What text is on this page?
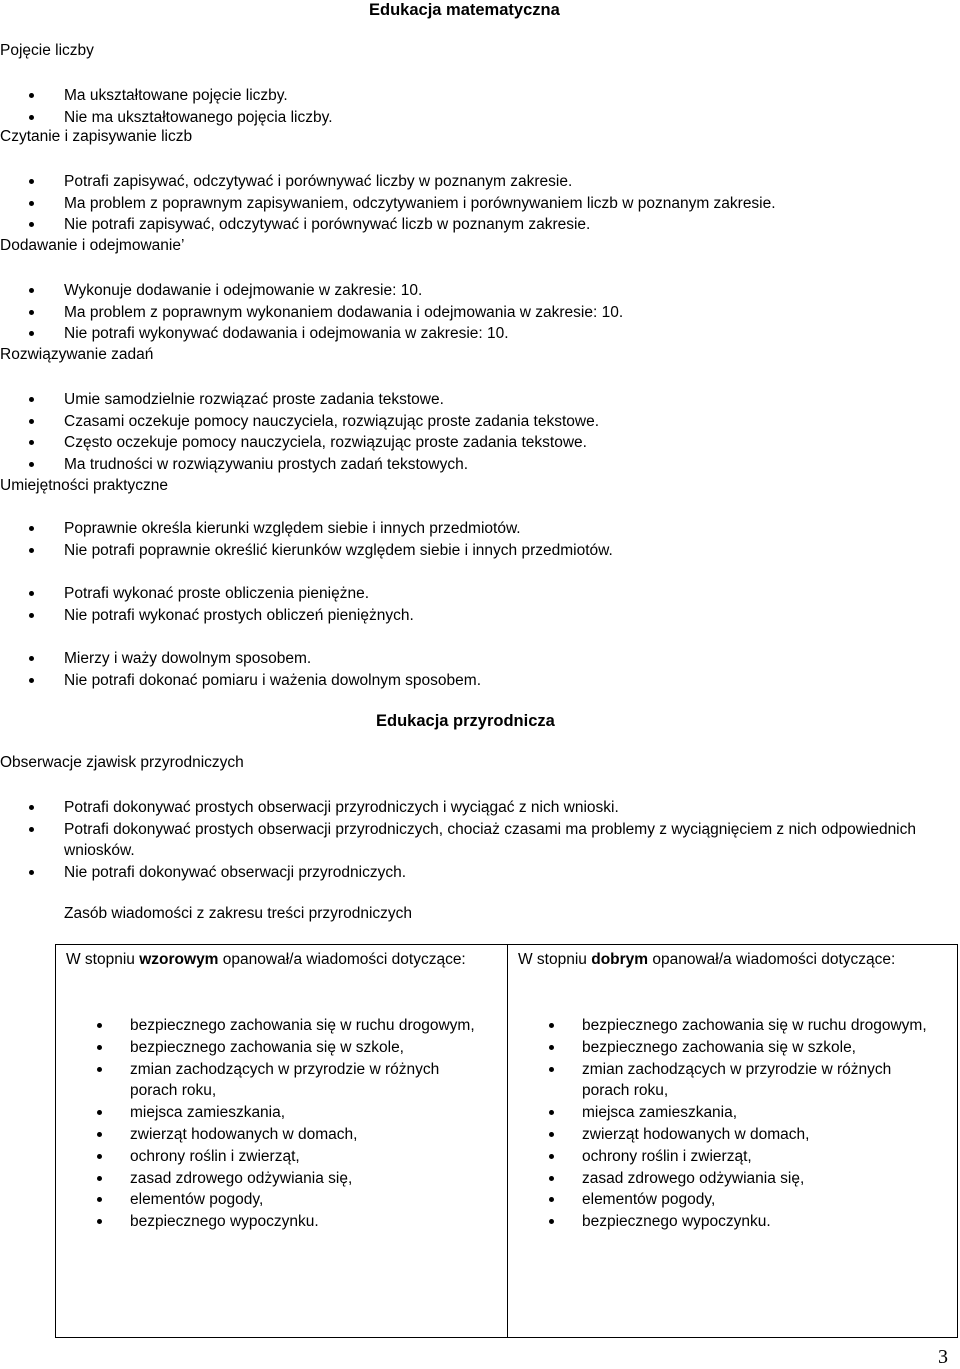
Edukacja matematyczna
Pojęcie liczby
Ma ukształtowane pojęcie liczby.
Nie ma ukształtowanego pojęcia liczby.
Czytanie i zapisywanie liczb
Potrafi zapisywać, odczytywać i porównywać liczby w poznanym zakresie.
Ma problem z poprawnym zapisywaniem, odczytywaniem i porównywaniem liczb w poznanym zakresie.
Nie potrafi zapisywać, odczytywać i porównywać liczb w poznanym zakresie.
Dodawanie i odejmowanie’
Wykonuje dodawanie i odejmowanie w zakresie: 10.
Ma problem z poprawnym wykonaniem dodawania i odejmowania w zakresie: 10.
Nie potrafi wykonywać dodawania i odejmowania w zakresie: 10.
Rozwiązywanie zadań
Umie samodzielnie rozwiązać proste zadania tekstowe.
Czasami oczekuje pomocy nauczyciela, rozwiązując proste zadania tekstowe.
Często oczekuje pomocy nauczyciela, rozwiązując proste zadania tekstowe.
Ma trudności w rozwiązywaniu prostych zadań tekstowych.
Umiejętności praktyczne
Poprawnie określa kierunki względem siebie i innych przedmiotów.
Nie potrafi poprawnie określić kierunków względem siebie i innych przedmiotów.
Potrafi wykonać proste obliczenia pieniężne.
Nie potrafi wykonać prostych obliczeń pieniężnych.
Mierzy i waży dowolnym sposobem.
Nie potrafi dokonać pomiaru i ważenia dowolnym sposobem.
Edukacja przyrodnicza
Obserwacje zjawisk przyrodniczych
Potrafi dokonywać prostych obserwacji przyrodniczych i wyciągać z nich wnioski.
Potrafi dokonywać prostych obserwacji przyrodniczych, chociaż czasami ma problemy z wyciągnięciem z nich odpowiednich wniosków.
Nie potrafi dokonywać obserwacji przyrodniczych.
Zasób wiadomości z zakresu treści przyrodniczych
W stopniu wzorowym opanował/a wiadomości dotyczące:
bezpiecznego zachowania się w ruchu drogowym,
bezpiecznego zachowania się w szkole,
zmian zachodzących w przyrodzie w różnych porach roku,
miejsca zamieszkania,
zwierząt hodowanych w domach,
ochrony roślin i zwierząt,
zasad zdrowego odżywiania się,
elementów pogody,
bezpiecznego wypoczynku.
W stopniu dobrym opanował/a wiadomości dotyczące:
bezpiecznego zachowania się w ruchu drogowym,
bezpiecznego zachowania się w szkole,
zmian zachodzących w przyrodzie w różnych porach roku,
miejsca zamieszkania,
zwierząt hodowanych w domach,
ochrony roślin i zwierząt,
zasad zdrowego odżywiania się,
elementów pogody,
bezpiecznego wypoczynku.
3
